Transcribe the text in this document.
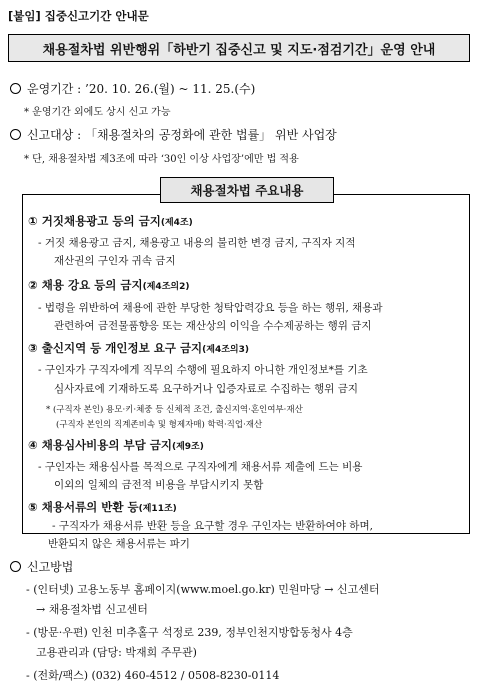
[붙임] 집중신고기간 안내문
채용절차법 위반행위「하반기 집중신고 및 지도·점검기간」운영 안내
운영기간 : ’20. 10. 26.(월) ~ 11. 25.(수)
* 운영기간 외에도 상시 신고 가능
신고대상 : 「채용절차의 공정화에 관한 법률」 위반 사업장
* 단, 채용절차법 제3조에 따라 ‘30인 이상 사업장’에만 법 적용
채용절차법 주요내용
① 거짓채용광고 등의 금지(제4조)
- 거짓 채용광고 금지, 채용광고 내용의 불리한 변경 금지, 구직자 지적
재산권의 구인자 귀속 금지
② 채용 강요 등의 금지(제4조의2)
- 법령을 위반하여 채용에 관한 부당한 청탁압력강요 등을 하는 행위, 채용과
관련하여 금전물품향응 또는 재산상의 이익을 수수제공하는 행위 금지
③ 출신지역 등 개인정보 요구 금지(제4조의3)
- 구인자가 구직자에게 직무의 수행에 필요하지 아니한 개인정보*를 기초
심사자료에 기재하도록 요구하거나 입증자료로 수집하는 행위 금지
* (구직자 본인) 용모·키·체중 등 신체적 조건, 출신지역·혼인여부·재산
(구직자 본인의 직계존비속 및 형제자매) 학력·직업·재산
④ 채용심사비용의 부담 금지(제9조)
- 구인자는 채용심사를 목적으로 구직자에게 채용서류 제출에 드는 비용
이외의 일체의 금전적 비용을 부담시키지 못함
⑤ 채용서류의 반환 등(제11조)
- 구직자가 채용서류 반환 등을 요구할 경우 구인자는 반환하여야 하며,
반환되지 않은 채용서류는 파기
신고방법
- (인터넷) 고용노동부 홈페이지(www.moel.go.kr) 민원마당 → 신고센터
→ 채용절차법 신고센터
- (방문·우편) 인천 미추홀구 석정로 239, 정부인천지방합동청사 4층
고용관리과 (담당: 박재희 주무관)
- (전화/팩스) (032) 460-4512 / 0508-8230-0114
